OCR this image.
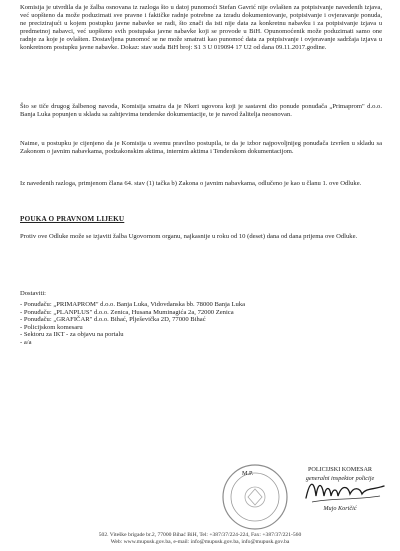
Komisija je utvrdila da je žalba osnovana iz razloga što u datoj punomoći Stefan Gavrić nije ovlašten za potpisivanje navedenih izjava, već uopšteno da može poduzimati sve pravne i faktičke radnje potrebne za izradu dokumentovanje, potpisivanje i ovjeravanje ponuda, ne precizirajući u kojem postupku javne nabavke se radi, što znači da isti nije data za konkretnu nabavku i za potpisivanje izjava u predmetnoj nabavci, već uopšteno svih postupaka javne nabavke koji se provode u BiH. Opunomoćenik može poduzimati samo one radnje za koje je ovlašten. Dostavljena punomoć se ne može smatrati kao punomoć data za potpisivanje i ovjeravanje sadržaja izjava u konkretnom postupku javne nabavke. Dokaz: stav suda BiH broj: S1 3 U 019094 17 U2 od dana 09.11.2017.godine.

Što se tiče drugog žalbenog navoda, Komisija smatra da je Nkeri ugovora koji je sastavni dio ponude ponuđača „Primaprom" d.o.o. Banja Luka popunjen u skladu sa zahtjevima tenderske dokumentacije, te je navod žalitelja neosnovan.

Naime, u postupku je cijenjeno da je Komisija u svemu pravilno postupila, te da je izbor najpovoljnijeg ponuđača izvršen u skladu sa Zakonom o javnim nabavkama, podzakonskim aktima, internim aktima i Tenderskom dokumentacijom.

Iz navedenih razloga, primjenom člana 64. stav (1) tačka b) Zakona o javnim nabavkama, odlučeno je kao u članu 1. ove Odluke.

POUKA O PRAVNOM LIJEKU

Protiv ove Odluke može se izjaviti žalba Ugovornom organu, najkasnije u roku od 10 (deset) dana od dana prijema ove Odluke.

Dostaviti:
- Ponuđaču: „PRIMAPROM" d.o.o. Banja Luka, Vidovdanska bb. 78000 Banja Luka
- Ponuđaču: „PLANPLUS" d.o.o. Zenica, Husana Muminagića 2a, 72000 Zenica
- Ponuđaču: „GRAFIČAR" d.o.o. Bihać, Plješevička 2D, 77000 Bihać
- Policijskom komesaru
- Sektoru za IKT - za objavu na portalu
- a/a
M.P.
POLICIJSKI KOMESAR
generalni inspektor policije
Mujo Koričić
502. Viteške brigade br.2, 77000 Bihać BiH, Tel: +387/37/224-224, Fax: +387/37/221-560
Web: www.mupusk.gov.ba, e-mail: info@mupusk.gov.ba, info@mupusk.gov.ba
